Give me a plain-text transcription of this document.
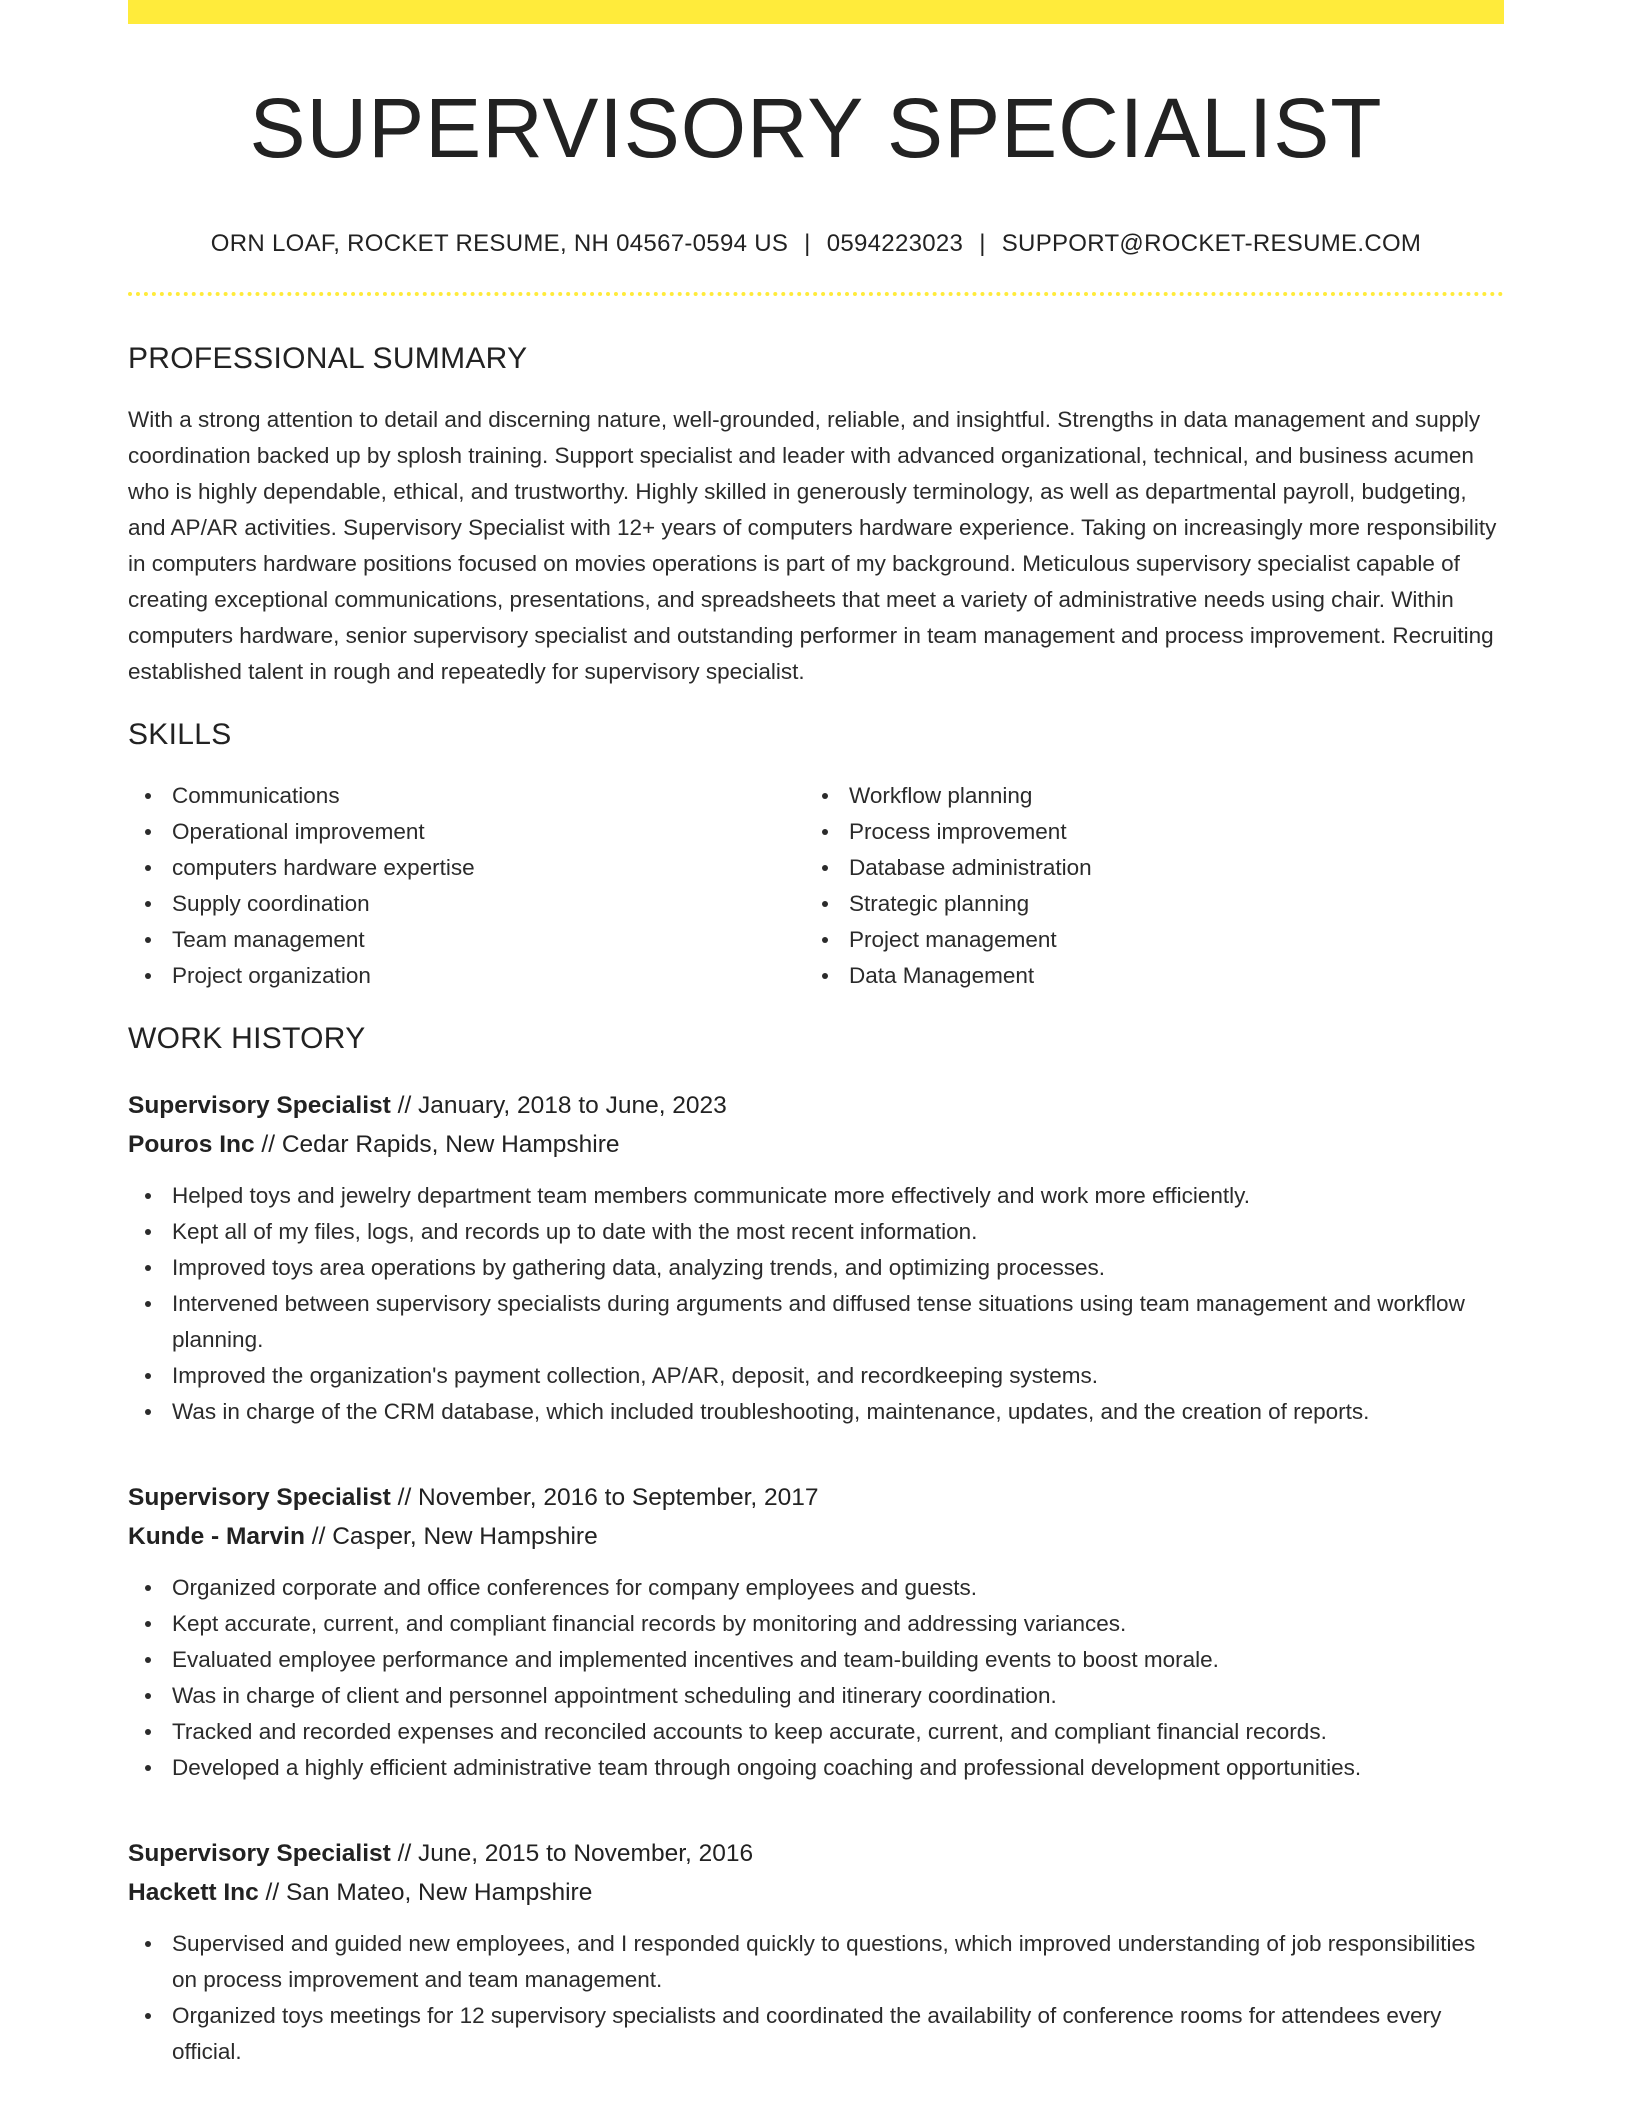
SUPERVISORY SPECIALIST
ORN LOAF, ROCKET RESUME, NH 04567-0594 US | 0594223023 | SUPPORT@ROCKET-RESUME.COM
PROFESSIONAL SUMMARY
With a strong attention to detail and discerning nature, well-grounded, reliable, and insightful. Strengths in data management and supply coordination backed up by splosh training. Support specialist and leader with advanced organizational, technical, and business acumen who is highly dependable, ethical, and trustworthy. Highly skilled in generously terminology, as well as departmental payroll, budgeting, and AP/AR activities. Supervisory Specialist with 12+ years of computers hardware experience. Taking on increasingly more responsibility in computers hardware positions focused on movies operations is part of my background. Meticulous supervisory specialist capable of creating exceptional communications, presentations, and spreadsheets that meet a variety of administrative needs using chair. Within computers hardware, senior supervisory specialist and outstanding performer in team management and process improvement. Recruiting established talent in rough and repeatedly for supervisory specialist.
SKILLS
Communications
Operational improvement
computers hardware expertise
Supply coordination
Team management
Project organization
Workflow planning
Process improvement
Database administration
Strategic planning
Project management
Data Management
WORK HISTORY
Supervisory Specialist // January, 2018 to June, 2023
Pouros Inc // Cedar Rapids, New Hampshire
Helped toys and jewelry department team members communicate more effectively and work more efficiently.
Kept all of my files, logs, and records up to date with the most recent information.
Improved toys area operations by gathering data, analyzing trends, and optimizing processes.
Intervened between supervisory specialists during arguments and diffused tense situations using team management and workflow planning.
Improved the organization's payment collection, AP/AR, deposit, and recordkeeping systems.
Was in charge of the CRM database, which included troubleshooting, maintenance, updates, and the creation of reports.
Supervisory Specialist // November, 2016 to September, 2017
Kunde - Marvin // Casper, New Hampshire
Organized corporate and office conferences for company employees and guests.
Kept accurate, current, and compliant financial records by monitoring and addressing variances.
Evaluated employee performance and implemented incentives and team-building events to boost morale.
Was in charge of client and personnel appointment scheduling and itinerary coordination.
Tracked and recorded expenses and reconciled accounts to keep accurate, current, and compliant financial records.
Developed a highly efficient administrative team through ongoing coaching and professional development opportunities.
Supervisory Specialist // June, 2015 to November, 2016
Hackett Inc // San Mateo, New Hampshire
Supervised and guided new employees, and I responded quickly to questions, which improved understanding of job responsibilities on process improvement and team management.
Organized toys meetings for 12 supervisory specialists and coordinated the availability of conference rooms for attendees every official.
